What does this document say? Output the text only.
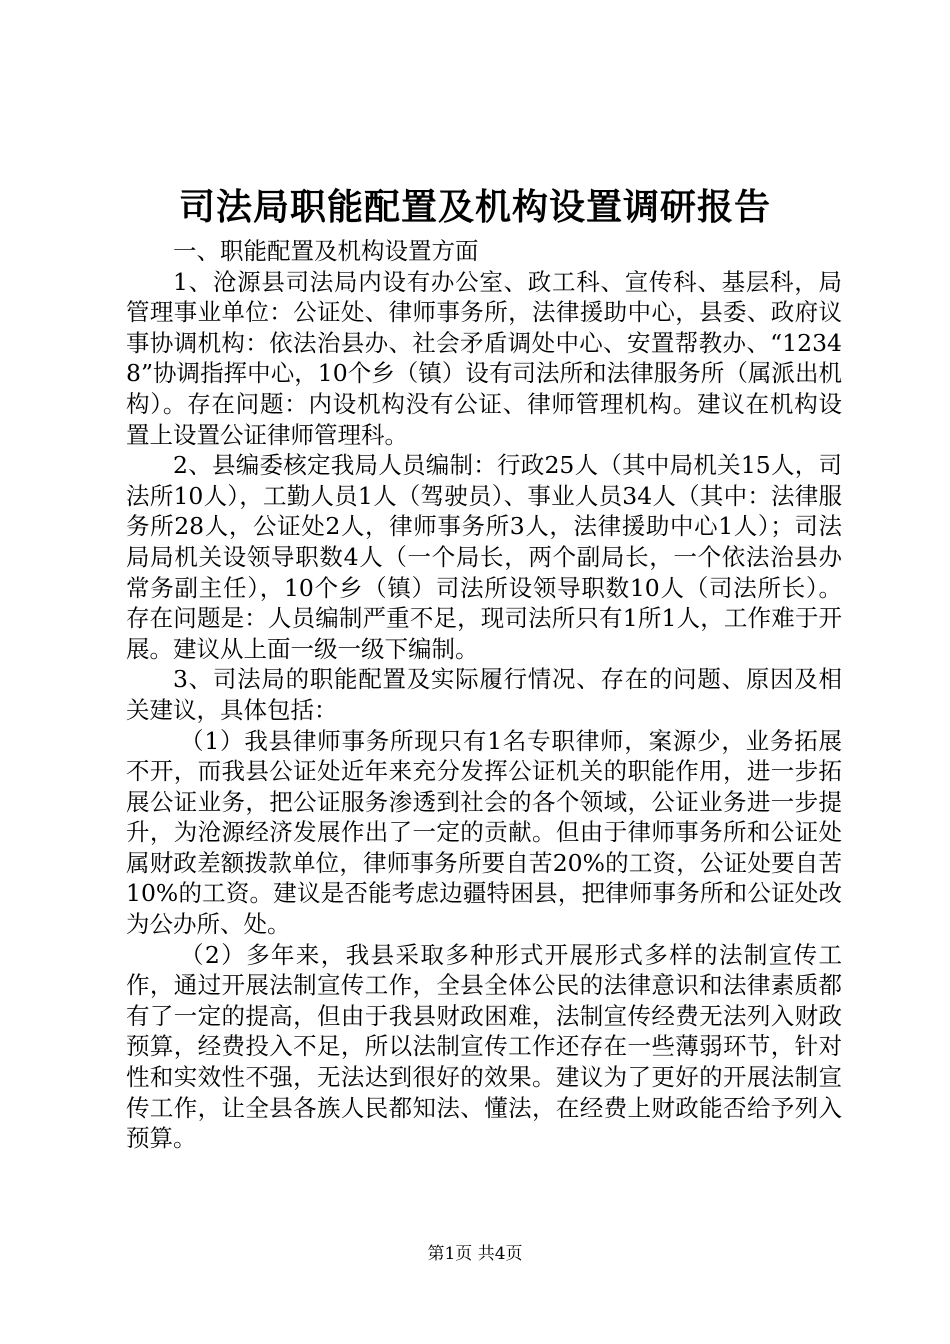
司法局职能配置及机构设置调研报告

一、职能配置及机构设置方面

1、沧源县司法局内设有办公室、政工科、宣传科、基层科，局管理事业单位：公证处、律师事务所，法律援助中心，县委、政府议事协调机构：依法治县办、社会矛盾调处中心、安置帮教办、“12348”协调指挥中心，10个乡（镇）设有司法所和法律服务所（属派出机构）。存在问题：内设机构没有公证、律师管理机构。建议在机构设置上设置公证律师管理科。

2、县编委核定我局人员编制：行政25人（其中局机关15人，司法所10人），工勤人员1人（驾驶员）、事业人员34人（其中：法律服务所28人，公证处2人，律师事务所3人，法律援助中心1人）；司法局局机关设领导职数4人（一个局长，两个副局长，一个依法治县办常务副主任），10个乡（镇）司法所设领导职数10人（司法所长）。存在问题是：人员编制严重不足，现司法所只有1所1人，工作难于开展。建议从上面一级一级下编制。

3、司法局的职能配置及实际履行情况、存在的问题、原因及相关建议，具体包括：

（1）我县律师事务所现只有1名专职律师，案源少，业务拓展不开，而我县公证处近年来充分发挥公证机关的职能作用，进一步拓展公证业务，把公证服务渗透到社会的各个领域，公证业务进一步提升，为沧源经济发展作出了一定的贡献。但由于律师事务所和公证处属财政差额拨款单位，律师事务所要自苦20%的工资，公证处要自苦10%的工资。建议是否能考虑边疆特困县，把律师事务所和公证处改为公办所、处。

（2）多年来，我县采取多种形式开展形式多样的法制宣传工作，通过开展法制宣传工作，全县全体公民的法律意识和法律素质都有了一定的提高，但由于我县财政困难，法制宣传经费无法列入财政预算，经费投入不足，所以法制宣传工作还存在一些薄弱环节，针对性和实效性不强，无法达到很好的效果。建议为了更好的开展法制宣传工作，让全县各族人民都知法、懂法，在经费上财政能否给予列入预算。

第1页 共4页
